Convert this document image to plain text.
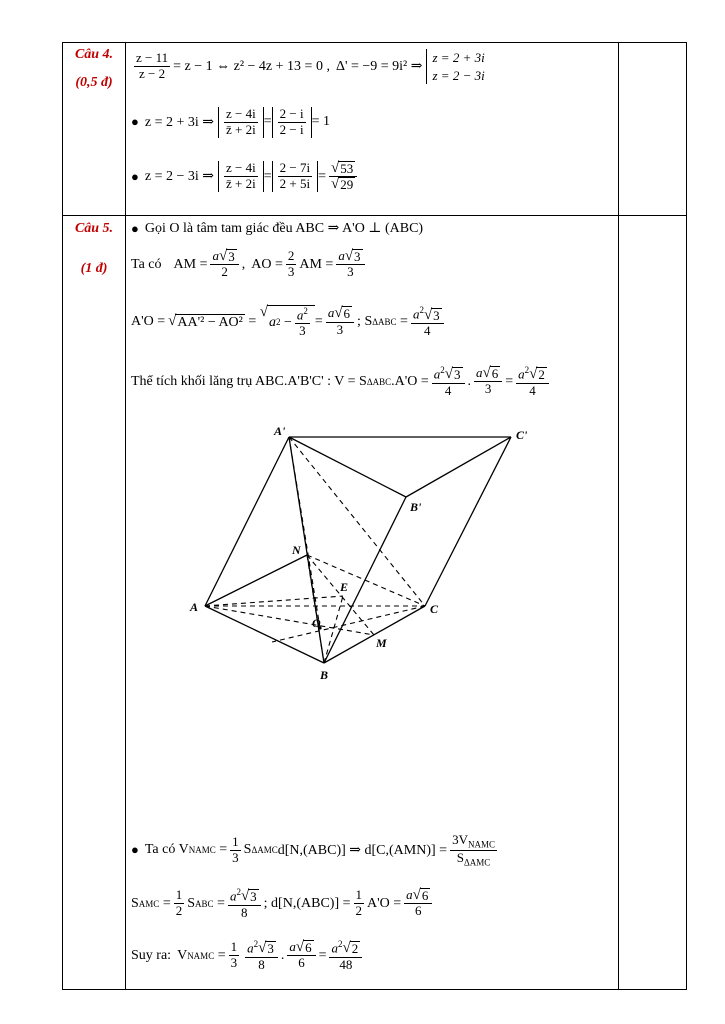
Câu 4.
(0,5 đ)
$\frac{z - 11}{z - 2} = z - 1$ ⇔ z² − 4z + 13 = 0 , Δ' = −9 = 9i² ⇒
z = 2 + 3i
z = 2 − 3i
● z = 2 + 3i ⇒ $\frac{z - 4i}{z̄ + 2i} = \frac{2 - i}{2 - i} = 1$
● z = 2 − 3i ⇒ $\frac{z - 4i}{z̄ + 2i} = \frac{2 - 7i}{2 + 5i}$ =
√ 53
√ 29
Câu 5.
(1 đ)
● Gọi O là tâm tam giác đều ABC ⇒ A'O ⊥ (ABC)
Ta có AM = a
√ 3
2 , AO = $\frac{2}{3}$ AM = a
√ 3
3
A'O =
√ AA'² − AO² =
√ a $2 - \frac{a^2}{3} = a$
√ 6
3 ; S $\Delta ABC = a^2$
√ 3
4
Thể tích khối lăng trụ ABC.A'B'C' : V = S ΔABC $.A'O = a^2$
√ 3
4 . a
√ 6
$3 = a^2$
√ 2
4
A'	C'
B'
N
E
A	C
O
M
B
● Ta có V NAMC = $\frac{1}{3}$ S ΔAMC d[N,(ABC)] ⇒ $d[C,(AMN)] = \frac{3V_{NAMC}}{S_{\Delta AMC}}$
S AMC = $\frac{1}{2}$ S ABC = $a^2$
√ 3
8 ; $d[N,(ABC)] = \frac{1}{2} A'O = a$
√ 6
6
Suy ra: V NAMC = $\frac{1}{3} a^2$
√ 3
8 . a
√ 6
$6 = a^2$
√ 2
48
